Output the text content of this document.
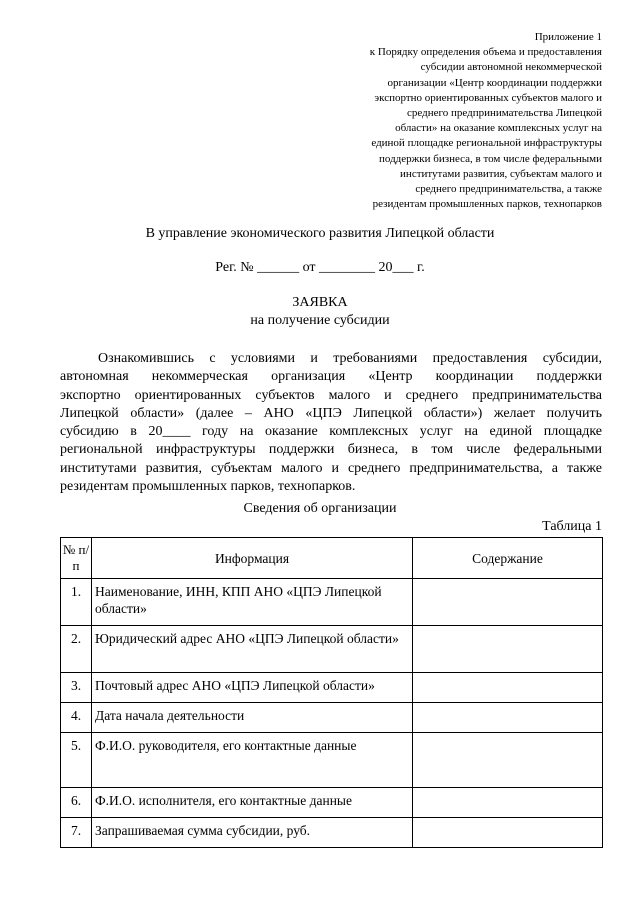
Приложение 1
к Порядку определения объема и предоставления
субсидии автономной некоммерческой
организации «Центр координации поддержки
экспортно ориентированных субъектов малого и
среднего предпринимательства Липецкой
области» на оказание комплексных услуг на
единой площадке региональной инфраструктуры
поддержки бизнеса, в том числе федеральными
институтами развития, субъектам малого и
среднего предпринимательства, а также
резидентам промышленных парков, технопарков
В управление экономического развития Липецкой области
Рег. № ______ от ________ 20___ г.
ЗАЯВКА
на получение субсидии
Ознакомившись с условиями и требованиями предоставления субсидии,
автономная некоммерческая организация «Центр координации поддержки
экспортно ориентированных субъектов малого и среднего предпринимательства
Липецкой области» (далее – АНО «ЦПЭ Липецкой области») желает получить
субсидию в 20____ году на оказание комплексных услуг на единой площадке
региональной инфраструктуры поддержки бизнеса, в том числе федеральными
институтами развития, субъектам малого и среднего предпринимательства, а также
резидентам промышленных парков, технопарков.
Сведения об организации
Таблица 1
№ п/п	Информация	Содержание
1.	Наименование, ИНН, КПП АНО «ЦПЭ Липецкой области»	
2.	Юридический адрес АНО «ЦПЭ Липецкой области»	
3.	Почтовый адрес АНО «ЦПЭ Липецкой области»	
4.	Дата начала деятельности	
5.	Ф.И.О. руководителя, его контактные данные	
6.	Ф.И.О. исполнителя, его контактные данные	
7.	Запрашиваемая сумма субсидии, руб.	
